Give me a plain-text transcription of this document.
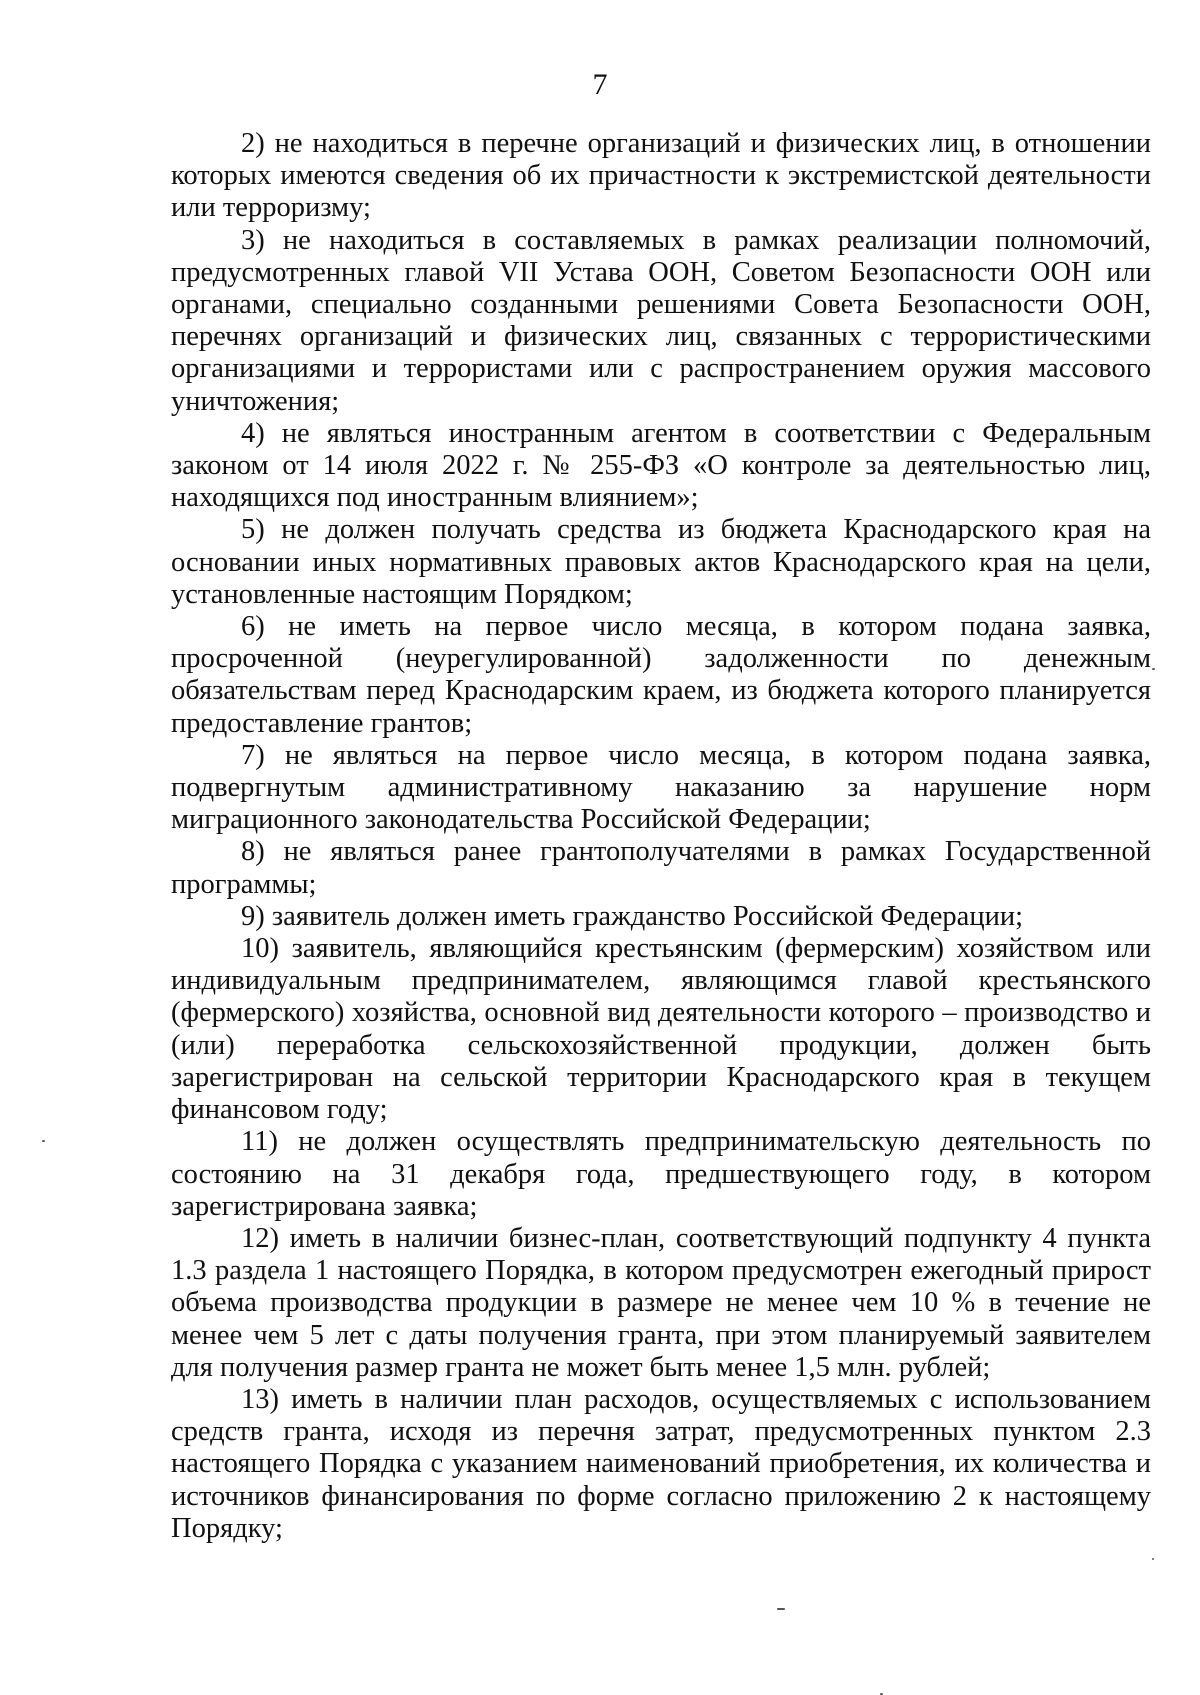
7

2) не находиться в перечне организаций и физических лиц, в отношении которых имеются сведения об их причастности к экстремистской деятельности или терроризму;

3) не находиться в составляемых в рамках реализации полномочий, предусмотренных главой VII Устава ООН, Советом Безопасности ООН или органами, специально созданными решениями Совета Безопасности ООН, перечнях организаций и физических лиц, связанных с террористическими организациями и террористами или с распространением оружия массового уничтожения;

4) не являться иностранным агентом в соответствии с Федеральным законом от 14 июля 2022 г. № 255-ФЗ «О контроле за деятельностью лиц, находящихся под иностранным влиянием»;

5) не должен получать средства из бюджета Краснодарского края на основании иных нормативных правовых актов Краснодарского края на цели, установленные настоящим Порядком;

6) не иметь на первое число месяца, в котором подана заявка, просроченной (неурегулированной) задолженности по денежным обязательствам перед Краснодарским краем, из бюджета которого планируется предоставление грантов;

7) не являться на первое число месяца, в котором подана заявка, подвергнутым административному наказанию за нарушение норм миграционного законодательства Российской Федерации;

8) не являться ранее грантополучателями в рамках Государственной программы;

9) заявитель должен иметь гражданство Российской Федерации;

10) заявитель, являющийся крестьянским (фермерским) хозяйством или индивидуальным предпринимателем, являющимся главой крестьянского (фермерского) хозяйства, основной вид деятельности которого – производство и (или) переработка сельскохозяйственной продукции, должен быть зарегистрирован на сельской территории Краснодарского края в текущем финансовом году;

11) не должен осуществлять предпринимательскую деятельность по состоянию на 31 декабря года, предшествующего году, в котором зарегистрирована заявка;

12) иметь в наличии бизнес-план, соответствующий подпункту 4 пункта 1.3 раздела 1 настоящего Порядка, в котором предусмотрен ежегодный прирост объема производства продукции в размере не менее чем 10 % в течение не менее чем 5 лет с даты получения гранта, при этом планируемый заявителем для получения размер гранта не может быть менее 1,5 млн. рублей;

13) иметь в наличии план расходов, осуществляемых с использованием средств гранта, исходя из перечня затрат, предусмотренных пунктом 2.3 настоящего Порядка с указанием наименований приобретения, их количества и источников финансирования по форме согласно приложению 2 к настоящему Порядку;
